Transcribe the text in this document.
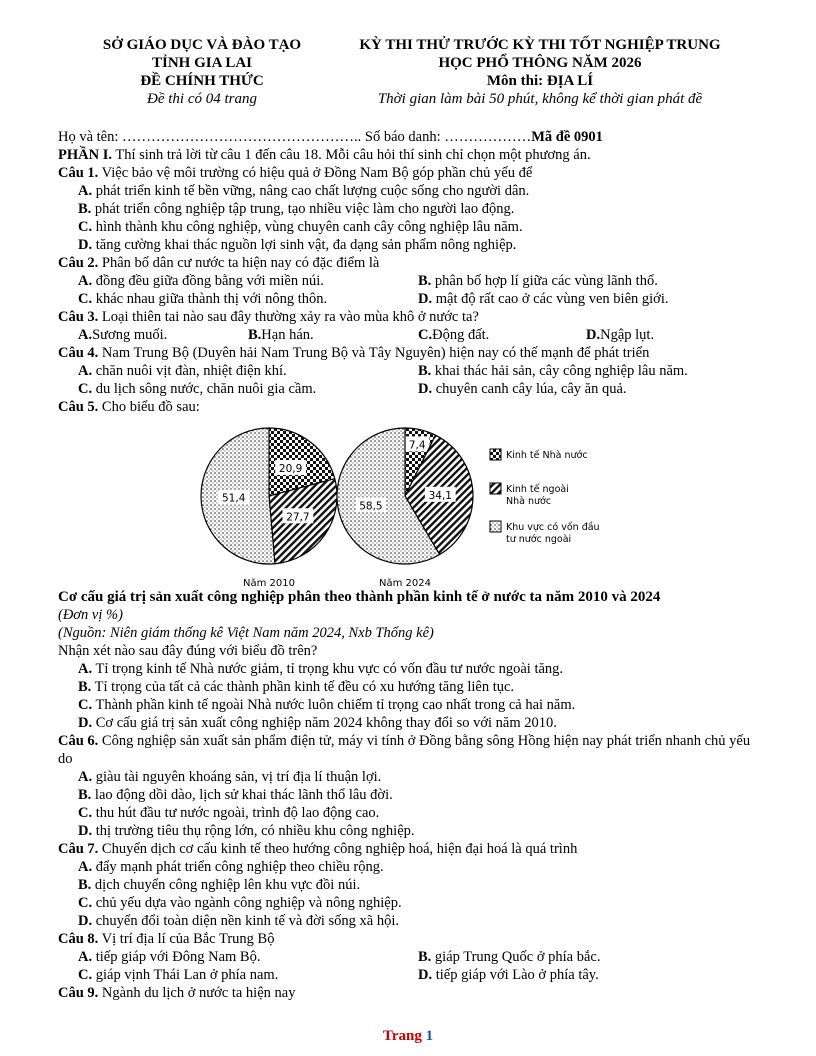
SỞ GIÁO DỤC VÀ ĐÀO TẠO
TỈNH GIA LAI
ĐỀ CHÍNH THỨC
Đề thi có 04 trang
KỲ THI THỬ TRƯỚC KỲ THI TỐT NGHIỆP TRUNG
HỌC PHỔ THÔNG NĂM 2026
Môn thi: ĐỊA LÍ
Thời gian làm bài 50 phút, không kể thời gian phát đề
Họ và tên: ………………………………………….. Số báo danh: ………………Mã đề 0901
PHẦN I. Thí sinh trả lời từ câu 1 đến câu 18. Mỗi câu hỏi thí sinh chỉ chọn một phương án.
Câu 1. Việc bảo vệ môi trường có hiệu quả ở Đồng Nam Bộ góp phần chủ yếu để
A. phát triển kinh tế bền vững, nâng cao chất lượng cuộc sống cho người dân.
B. phát triển công nghiệp tập trung, tạo nhiều việc làm cho người lao động.
C. hình thành khu công nghiệp, vùng chuyên canh cây công nghiệp lâu năm.
D. tăng cường khai thác nguồn lợi sinh vật, đa dạng sản phẩm nông nghiệp.
Câu 2. Phân bố dân cư nước ta hiện nay có đặc điểm là
A. đồng đều giữa đồng bằng với miền núi.	B. phân bố hợp lí giữa các vùng lãnh thổ.
C. khác nhau giữa thành thị với nông thôn.	D. mật độ rất cao ở các vùng ven biên giới.
Câu 3. Loại thiên tai nào sau đây thường xảy ra vào mùa khô ở nước ta?
A.Sương muối.	B.Hạn hán.	C.Động đất.	D.Ngập lụt.
Câu 4. Nam Trung Bộ (Duyên hải Nam Trung Bộ và Tây Nguyên) hiện nay có thế mạnh để phát triển
A. chăn nuôi vịt đàn, nhiệt điện khí.	B. khai thác hải sản, cây công nghiệp lâu năm.
C. du lịch sông nước, chăn nuôi gia cầm.	D. chuyên canh cây lúa, cây ăn quả.
Câu 5. Cho biểu đồ sau:
20,9
27,7
51,4
Năm 2010
7,4
34,1
58,5
Năm 2024
Kinh tế Nhà nước
Kinh tế ngoài
Nhà nước
Khu vực có vốn đầu
tư nước ngoài
Cơ cấu giá trị sản xuất công nghiệp phân theo thành phần kinh tế ở nước ta năm 2010 và 2024
(Đơn vị %)
(Nguồn: Niên giám thống kê Việt Nam năm 2024, Nxb Thống kê)
Nhận xét nào sau đây đúng với biểu đồ trên?
A. Tỉ trọng kinh tế Nhà nước giảm, tỉ trọng khu vực có vốn đầu tư nước ngoài tăng.
B. Tỉ trọng của tất cả các thành phần kinh tế đều có xu hướng tăng liên tục.
C. Thành phần kinh tế ngoài Nhà nước luôn chiếm tỉ trọng cao nhất trong cả hai năm.
D. Cơ cấu giá trị sản xuất công nghiệp năm 2024 không thay đổi so với năm 2010.
Câu 6. Công nghiệp sản xuất sản phẩm điện tử, máy vi tính ở Đồng bằng sông Hồng hiện nay phát triển nhanh chủ yếu do
A. giàu tài nguyên khoáng sản, vị trí địa lí thuận lợi.
B. lao động dồi dào, lịch sử khai thác lãnh thổ lâu đời.
C. thu hút đầu tư nước ngoài, trình độ lao động cao.
D. thị trường tiêu thụ rộng lớn, có nhiều khu công nghiệp.
Câu 7. Chuyển dịch cơ cấu kinh tế theo hướng công nghiệp hoá, hiện đại hoá là quá trình
A. đẩy mạnh phát triển công nghiệp theo chiều rộng.
B. dịch chuyển công nghiệp lên khu vực đồi núi.
C. chủ yếu dựa vào ngành công nghiệp và nông nghiệp.
D. chuyển đổi toàn diện nền kinh tế và đời sống xã hội.
Câu 8. Vị trí địa lí của Bắc Trung Bộ
A. tiếp giáp với Đông Nam Bộ.	B. giáp Trung Quốc ở phía bắc.
C. giáp vịnh Thái Lan ở phía nam.	D. tiếp giáp với Lào ở phía tây.
Câu 9. Ngành du lịch ở nước ta hiện nay
Trang 1
